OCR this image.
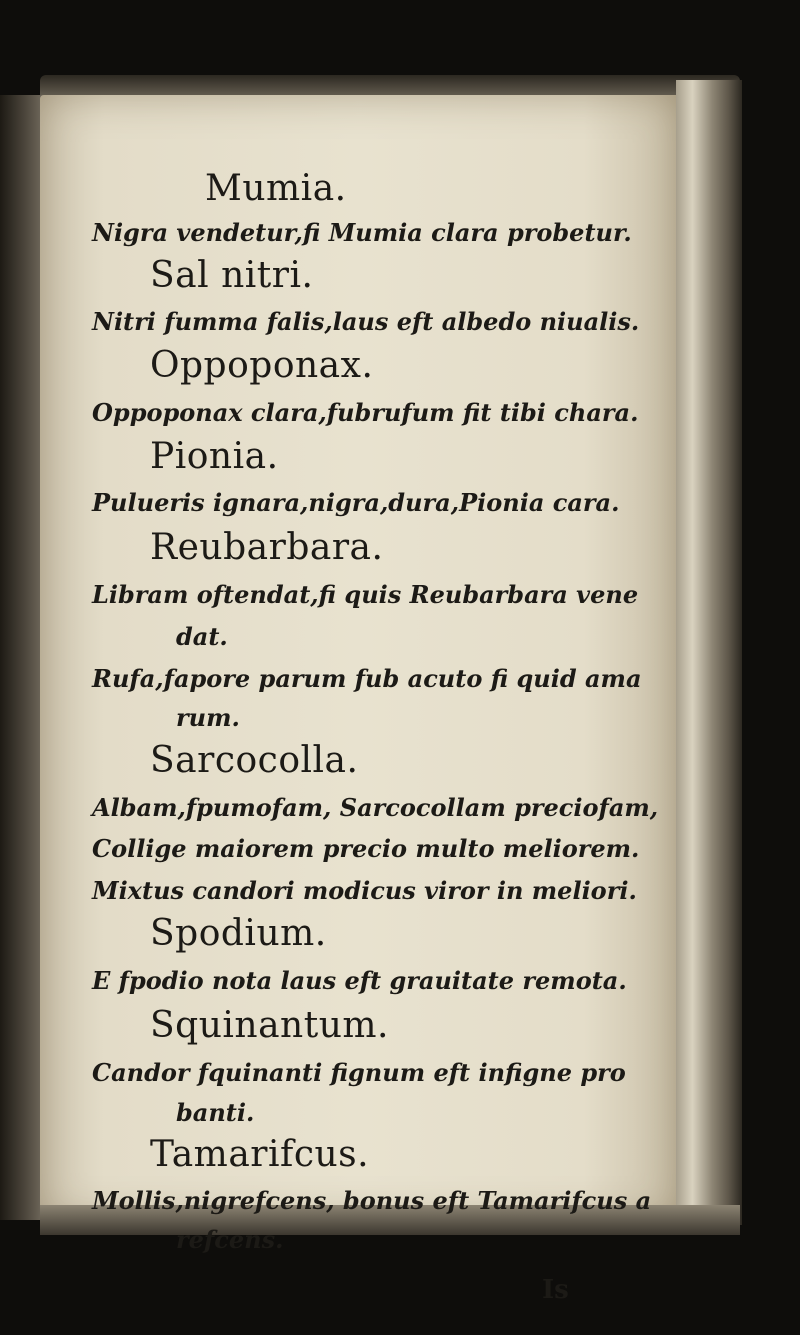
Mumia.
Nigra vendetur,fi Mumia clara probetur.
Sal nitri.
Nitri fumma falis,laus eft albedo niualis.
Oppoponax.
Oppoponax clara,fubrufum fit tibi chara.
Pionia.
Pulueris ignara,nigra,dura,Pionia cara.
Reubarbara.
Libram oftendat,fi quis Reubarbara vene
dat.
Rufa,fapore parum fub acuto fi quid ama
rum.
Sarcocolla.
Albam,fpumofam, Sarcocollam preciofam,
Collige maiorem precio multo meliorem.
Mixtus candori modicus viror in meliori.
Spodium.
E fpodio nota laus eft grauitate remota.
Squinantum.
Candor fquinanti fignum eft infigne pro
banti.
Tamarifcus.
Mollis,nigrefcens, bonus eft Tamarifcus a
refcens.
Is
